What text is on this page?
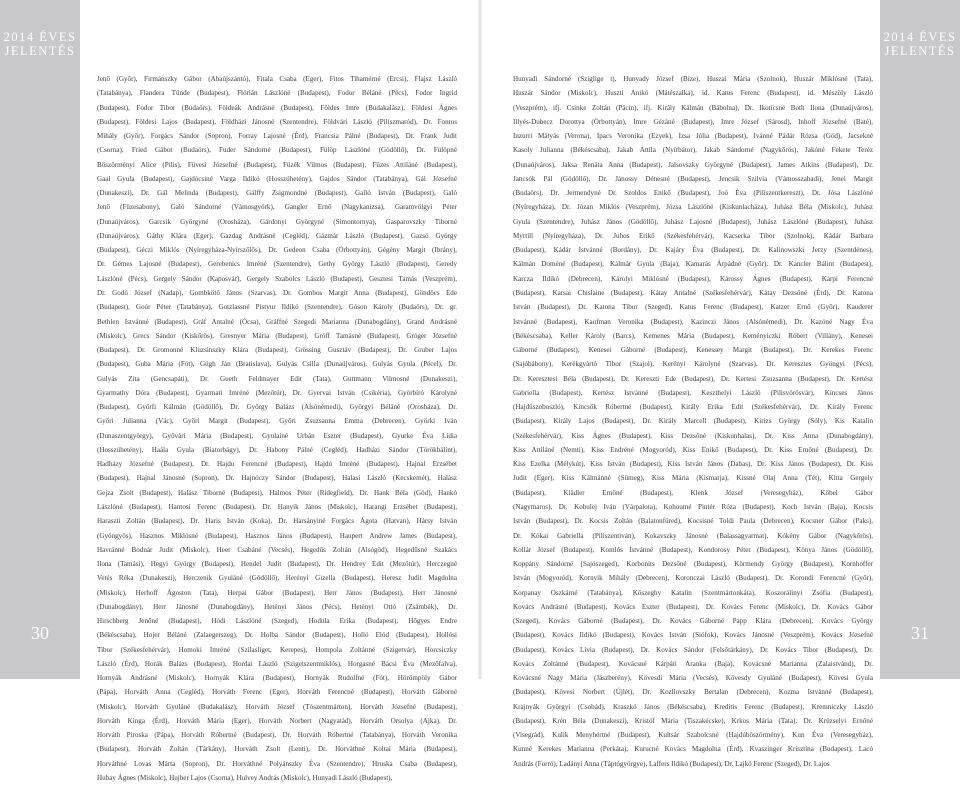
2014 ÉVES
JELENTÉS
30
Jenő (Győr), Firmánszky Gábor (Abaújszántó), Fitala Csaba (Eger), Fitos Tihamérné (Ercsi), Flajsz László
(Tatabánya), Flandera Tünde (Budapest), Flórián Lászlóné (Budapest), Fodor Béláné (Pécs), Fodor Ingrid
(Budapest), Fodor Tibor (Budaörs), Földeák Andrásné (Budapest), Földes Imre (Budakalász), Földesi Ágnes
(Budapest), Földesi Lajos (Budapest), Földházi Jánosné (Szentendre), Földvári László (Piliszmaród), Dr. Fontos
Mihály (Győr), Forgács Sándor (Sopron), Forray Lajosné (Érd), Francsia Pálné (Budapest), Dr. Frank Judit
(Csorna), Fried Gábot (Budaörs), Fuder Sándorné (Budapest), Fülöp Lászlóné (Gödöllő), Dr. Fülöpné
Böszörményi Alice (Pilis), Füvesi Józsefné (Budapest), Füzék Vilmos (Budapest), Füzes Attiláné (Budapest),
Gaal Gyula (Budapest), Gajdócsiné Varga Ildikó (Hosszúhetény), Gajdos Sándor (Tatabánya), Gál Józsefné
(Dunakeszi), Dr. Gál Melinda (Budapest), Gálffy Zsigmondné (Budapest), Galló István (Budapest), Galó
Jenő (Füzesabony), Galó Sándorné (Vámosgyörk), Gangler Ernő (Nagykanizsa), Garamvölgyi Péter
(Dunaújváros), Garcsik Györgyné (Orosháza), Gárdonyi Györgyné (Simontornya), Gasparovszky Tiborné
(Dunaújváros), Gáthy Klára (Eger), Gazdag Andrásné (Cegléd), Gázmár László (Budapest), Gazsó György
(Budapest), Géczi Miklós (Nyíregyháza-Nyírszőlős), Dr. Gedeon Csaba (Örbottyán), Gégény Margit (Ibrány),
Dr. Gémes Lajosné (Budapest), Gerebenics Imréné (Szentendre), Gethy György László (Budapest), Geredy
Lászlóné (Pécs), Gergely Sándor (Kaposvár), Gergely Szabolcs László (Budapest), Gesztesi Tamás (Veszprém),
Dr. Godó József (Nadap), Gombkötő János (Szarvas), Dr. Gombos Margit Anna (Budapest), Göndöcs Ede
(Budapest), Goór Péter (Tatabánya), Gotzlassné Pistyur Ildikó (Szentendre), Góson Károly (Budaörs), Dr. gr.
Bethlen Istvánné (Budapest), Gráf Antalné (Ócsa), Gráffné Szegedi Marianna (Dunabogdány), Grand Andrásné
(Miskolc), Grecs Sándor (Kiskőrös), Gresnyer Mária (Budapest), Gróff Tamásné (Budapest), Gróger Józsefné
(Budapest), Dr. Gromonné Kluzsinszky Klára (Budapest), Grössing Gusztáv (Budapest), Dr. Gruber Lajos
(Budapest), Guba Mária (Fót), Gúgh Ján (Bratislava), Gulyás Csilla (Dunaújváros), Gulyás Gyula (Pécel), Dr.
Gulyás Zita (Gencsapáti), Dr. Gueth Feldmayer Edit (Tata), Guttmann Vilmosné (Dunakeszi),
Gyarmathy Dóra (Budapest), Gyarmati Imréné (Mezőtúr), Dr. Gyervai István (Csikéria), Györbíró Károlyné
(Budapest), Győrfi Kálmán (Gödöllő), Dr. György Balázs (Alsónémedi), Györgyi Béláné (Orosháza), Dr.
Győri Julianna (Vác), Győri Margit (Budapest), Győri Zsuzsanna Emma (Debrecen), Györki Iván
(Dunaszentgyörgy), Győvári Mária (Budapest), Gyulainé Urbán Eszter (Budapest), Gyurke Éva Lídia
(Hosszúhetény), Haála Gyula (Biatorbágy), Dr. Habony Pálné (Cegléd), Hadházi Sándor (Törökbálint),
Hadházy Józsefné (Budapest), Dr. Hajdu Ferencné (Budapest), Hajdú Imréné (Budapest), Hajnal Erzsébet
(Budapest), Hajnal Jánosné (Sopron), Dr. Hajnóczy Sándor (Budapest), Halasi László (Kecskemét), Halász
Gejza Zsolt (Budapest), Halász Tiborné (Budapest), Halmos Péter (Ridegfield), Dr. Hank Béla (Göd), Hankó
Lászlóné (Budapest), Hantosi Ferenc (Budapest), Dr. Hanyik János (Miskolc), Harangi Erzsébet (Budapest),
Haraszti Zoltán (Budapest), Dr. Haris István (Koka), Dr. Harsányiné Forgács Ágota (Hatvan), Hársy István
(Gyöngyös), Hasznos Miklósné (Budapest), Hasznos János (Budapest), Haupert Andrew James (Budapest),
Havránné Bodnár Judit (Miskolc), Heer Csabáné (Vecsés), Hegedűs Zoltán (Alsógöd), Hegedűsné Szakács
Ilona (Tamási), Hegyi György (Budapest), Hendel Judit (Budapest), Dr. Hendrey Edit (Mezőtúr), Herczegné
Vetés Réka (Dunakeszi), Herczenik Gyuláné (Gödöllő), Herényi Gizella (Budapest), Heresz Judit Magdolna
(Miskolc), Herhoff Ágoston (Tata), Herpai Gábor (Budapest), Herr János (Budapest), Herr Jánosné
(Dunabogdány), Herr Jánosné (Dunabogdány), Hetényi János (Pécs), Hetényi Ottó (Zsámbék), Dr.
Hirschberg Jenőné (Budapest), Hódi Lászlóné (Szeged), Hodula Erika (Budapest), Hőgyes Endre
(Békéscsaba), Hojer Béláné (Zalaegerszeg), Dr. Holba Sándor (Budapest), Holló Elód (Budapest), Hollósi
Tibor (Székesfehérvár), Homoki Imréné (Szilasliget, Kerepes), Hompola Zoltánné (Szigetvár), Horcsiczky
László (Érd), Horák Balázs (Budapest), Hordai László (Szigetszentmiklós), Horgasné Bácsi Éva (Mezőfalva),
Hornyák Andrásné (Miskolc), Hornyák Klára (Budapest), Hornyák Rudolfné (Fót), Hörömpöly Gábor
(Pápa), Horváth Anna (Cegléd), Horváth Ferenc (Eger), Horváth Ferencné (Budapest), Horváth Gáborné
(Miskolc), Horváth Gyuláné (Budakalász), Horváth József (Tószentmárton), Horváth Józsefné (Budapest),
Horváth Kinga (Érd), Horváth Mária (Eger), Horváth Norbert (Nagyatád), Horváth Orsolya (Ajka), Dr.
Horváth Piroska (Pápa), Horváth Róbertné (Budapest), Dr. Horváth Róbertné (Tatabánya), Horváth Veronika
(Budapest), Horváth Zoltán (Tárkány), Horváth Zsolt (Lenti), Dr. Horváthné Koltai Mária (Budapest),
Horváthné Lovas Márta (Sopron), Dr. Horváthné Polyánszky Éva (Szentendre), Hruska Csaba (Budapest),
Hubay Ágnes (Miskolc), Hujber Lajos (Csorna), Hulvey András (Miskolc), Hunyadi László (Budapest),
Hunyadi Sándorné (Sziglige t), Hunyady József (Bíze), Huszai Mária (Szolnok), Huszár Miklósné (Tata),
Huszár Sándor (Miskolc), Huszti Anikó (Mátészalka), id. Katus Ferenc (Budapest), id. Mészöly László
(Veszprém), ifj. Csinke Zoltán (Pácin), ifj. Király Kálmán (Bábolna), Dr. Ikotícsné Both Ilona (Dunaújváros),
Illyés-Dubecz Dorottya (Örbottyán), Imre Gézáné (Budapest), Imre József (Sárosd), Inhoff Józsefné (Baté),
Inzurri Mátyás (Verona), Ipacs Veronika (Ezyek), Izsa Júlia (Budapest), Ivánné Pádár Rózsa (Göd), Jacsekné
Kasoly Julianna (Békéscsaba), Jakab Attila (Nyírbátor), Jakab Sándorné (Nagykőrös), Jakóné Fekete Teréz
(Dunaújváros), Jaksa Renáta Anna (Budapest), Jalsovszky Györgyné (Budapest), James Atkins (Budapest), Dr.
Jancsók Pál (Gödöllő), Dr. Jánossy Dénesné (Budapest), Jencsik Szilvia (Vámosszabadi), Jenei Margit
(Budaörs), Dr. Jermendyné Dr. Szoldos Enikő (Budapest), Joó Éva (Piliszentkereszt), Dr. Jósa Lászlóné
(Nyíregyháza), Dr. Józan Miklós (Veszprém), Józsa Lászlóné (Kiskunlacháza), Juhász Béla (Miskolc), Juhász
Gyula (Szentendre), Juhász János (Gödöllő), Juhász Lajosné (Budapest), Juhász Lászlóné (Budapest), Juhász
Myrtill (Nyíregyháza), Dr. Juhos Erikő (Székesfehérvár), Kacserka Tibor (Szolnok), Kádár Barbara
(Budapest), Kádár Istvánné (Bordány), Dr. Kajáry Éva (Budapest), Dr. Kalinowszki Jerzy (Szentdénes),
Kálmán Doméné (Budapest), Kálmár Gyula (Baja), Kamarás Árpádné (Győr), Dr. Kancler Bálint (Budapest),
Karcza Ildikó (Debrecen), Károlyi Miklósné (Budapest), Károssy Ágnes (Budapest), Kárpi Ferencné
(Budapest), Karsai Chislaine (Budapest), Kátay Antalné (Székesfehérvár), Kátay Dezsőné (Érd), Dr. Katona
István (Budapest), Dr. Katona Tibor (Szeged), Katus Ferenc (Budapest), Katzer Ernő (Győr), Kauderer
Istvánné (Budapest), Kaufman Veronika (Budapest), Kazinczi János (Alsónémedi), Dr. Kazóné Nagy Éva
(Békéscsaba), Keller Károly (Barcs), Kemenes Mária (Budapest), Keményiczki Róbert (Villány), Kenesei
Gáborné (Budapest), Kenesei Gáborné (Budapest), Kenessey Margit (Budapest), Dr. Kerekes Ferenc
(Sajóbábony), Kerékgyártó Tibor (Szajol), Kerényi Károlyné (Szarvas), Dr. Keresztes Gyöngyi (Pécs),
Dr. Keresztesi Béla (Budapest), Dr. Kereszti Ede (Budapest), Dr. Kertesi Zsuzsanna (Budapest), Dr. Kertész
Gabriella (Budapest), Kertész Istvánné (Budapest), Keszthelyi László (Pilisvörösvár), Kincses János
(Hajdúszoboszló), Kincsők Róbertné (Budapest), Király Erika Edit (Székesfehérvár), Dr. Király Ferenc
(Budapest), Király Lajos (Budapest), Dr. Király Marcell (Budapest), Kirizs György (Sóly), Kis Katalin
(Székesfehérvár), Kiss Ágnes (Budapest), Kiss Dezsőné (Kiskunhalas), Dr. Kiss Anna (Dunabogdány),
Kiss Attiláné (Nemti), Kiss Endréné (Mogyoród), Kiss Enikő (Budapest), Dr. Kiss Ernőné (Budapest), Dr.
Kiss Ezelka (Mélykút), Kiss István (Budapest), Kiss István János (Dabas), Dr. Kiss János (Budapest), Dr. Kiss
Judit (Eger), Kiss Kálmánné (Sümeg), Kiss Mária (Kismarja), Kissné Olaj Anna (Tét), Kitta Gergely
(Budapest), Klädler Ernőné (Budapest), Klenk József (Veresegyház), Kőbel Gábor
(Nagymaros), Dr. Kobulej Iván (Várpalota), Kohoutné Pintér Róza (Budapest), Koch István (Baja), Kocsis
István (Budapest), Dr. Kocsis Zoltán (Balatonfüred), Kocsisné Toldi Paula (Debrecen), Kocsner Gábor (Paks),
Dr. Kókai Gabriella (Piliszentiván), Kokavszky Jánosné (Balassagyarmat), Kókény Gábor (Nagykőrös),
Kollár József (Budapest), Komlós Istvánné (Budapest), Kondorosy Péter (Budapest), Könya János (Gödöllő),
Koppány Sándorné (Sajószeged), Korbonits Dezsőné (Budapest), Körmendy György (Budapest), Kornhoffer
István (Mogyoród), Kornyik Mihály (Debrecen), Koronczai László (Budapest), Dr. Korondi Ferencné (Győr),
Korpanay Oszkárné (Tatabánya), Kőszeghy Katalin (Szentmártonkáta), Koszorálinyi Zsófia (Budapest),
Kovács Andrásné (Budapest), Kovács Eszter (Budapest), Dr. Kovács Ferenc (Miskolc), Dr. Kovács Gábor
(Szeged), Kovács Gáborné (Budapest), Dr. Kovács Gáborné Papp Klára (Debrecen), Kovács György
(Budapest), Kovács Ildikó (Budapest), Kovács István (Siófok), Kovács Jánosné (Veszprém), Kovács Józsefné
(Budapest), Kovács Lívia (Budapest), Dr. Kovács Sándor (Felsőtárkány), Dr. Kovács Tibor (Budapest), Dr.
Kovács Zoltánné (Budapest), Kovácsné Kárpáti Aranka (Baja), Kovácsné Marianna (Zalaistvánd), Dr.
Kovácsné Nagy Mária (Jászberény), Kövesdi Mária (Vecsés), Kövesdy Gyuláné (Budapest), Kövesi Gyula
(Budapest), Kövesi Norbert (Újlét), Dr. Kozllovszky Bertalan (Debrecen), Kozma Istvánné (Budapest),
Krajnyák Györgyi (Csobád), Kraszkó János (Békéscsaba), Kreditis Ferenc (Budapest), Kremniczky László
(Budapest), Krén Béla (Dunakeszi), Kristóf Mária (Tiszakécske), Krkos Mária (Tata), Dr. Krüzselyi Ernőné
(Visegrád), Kulik Menyhértné (Budapest), Kultsár Szabolcsné (Hajdúböszörmény), Kun Éva (Veresegyház),
Kunné Kerekes Marianna (Perkáta), Kurucné Kovács Magdolna (Érd), Kvaszinger Krisztina (Budapest), Lacó
András (Forró), Ladányi Anna (Táptógyörgye), Laffers Ildikó (Budapest), Dr. Lajkó Ferenc (Szeged), Dr. Lajos
2014 ÉVES
JELENTÉS
31
